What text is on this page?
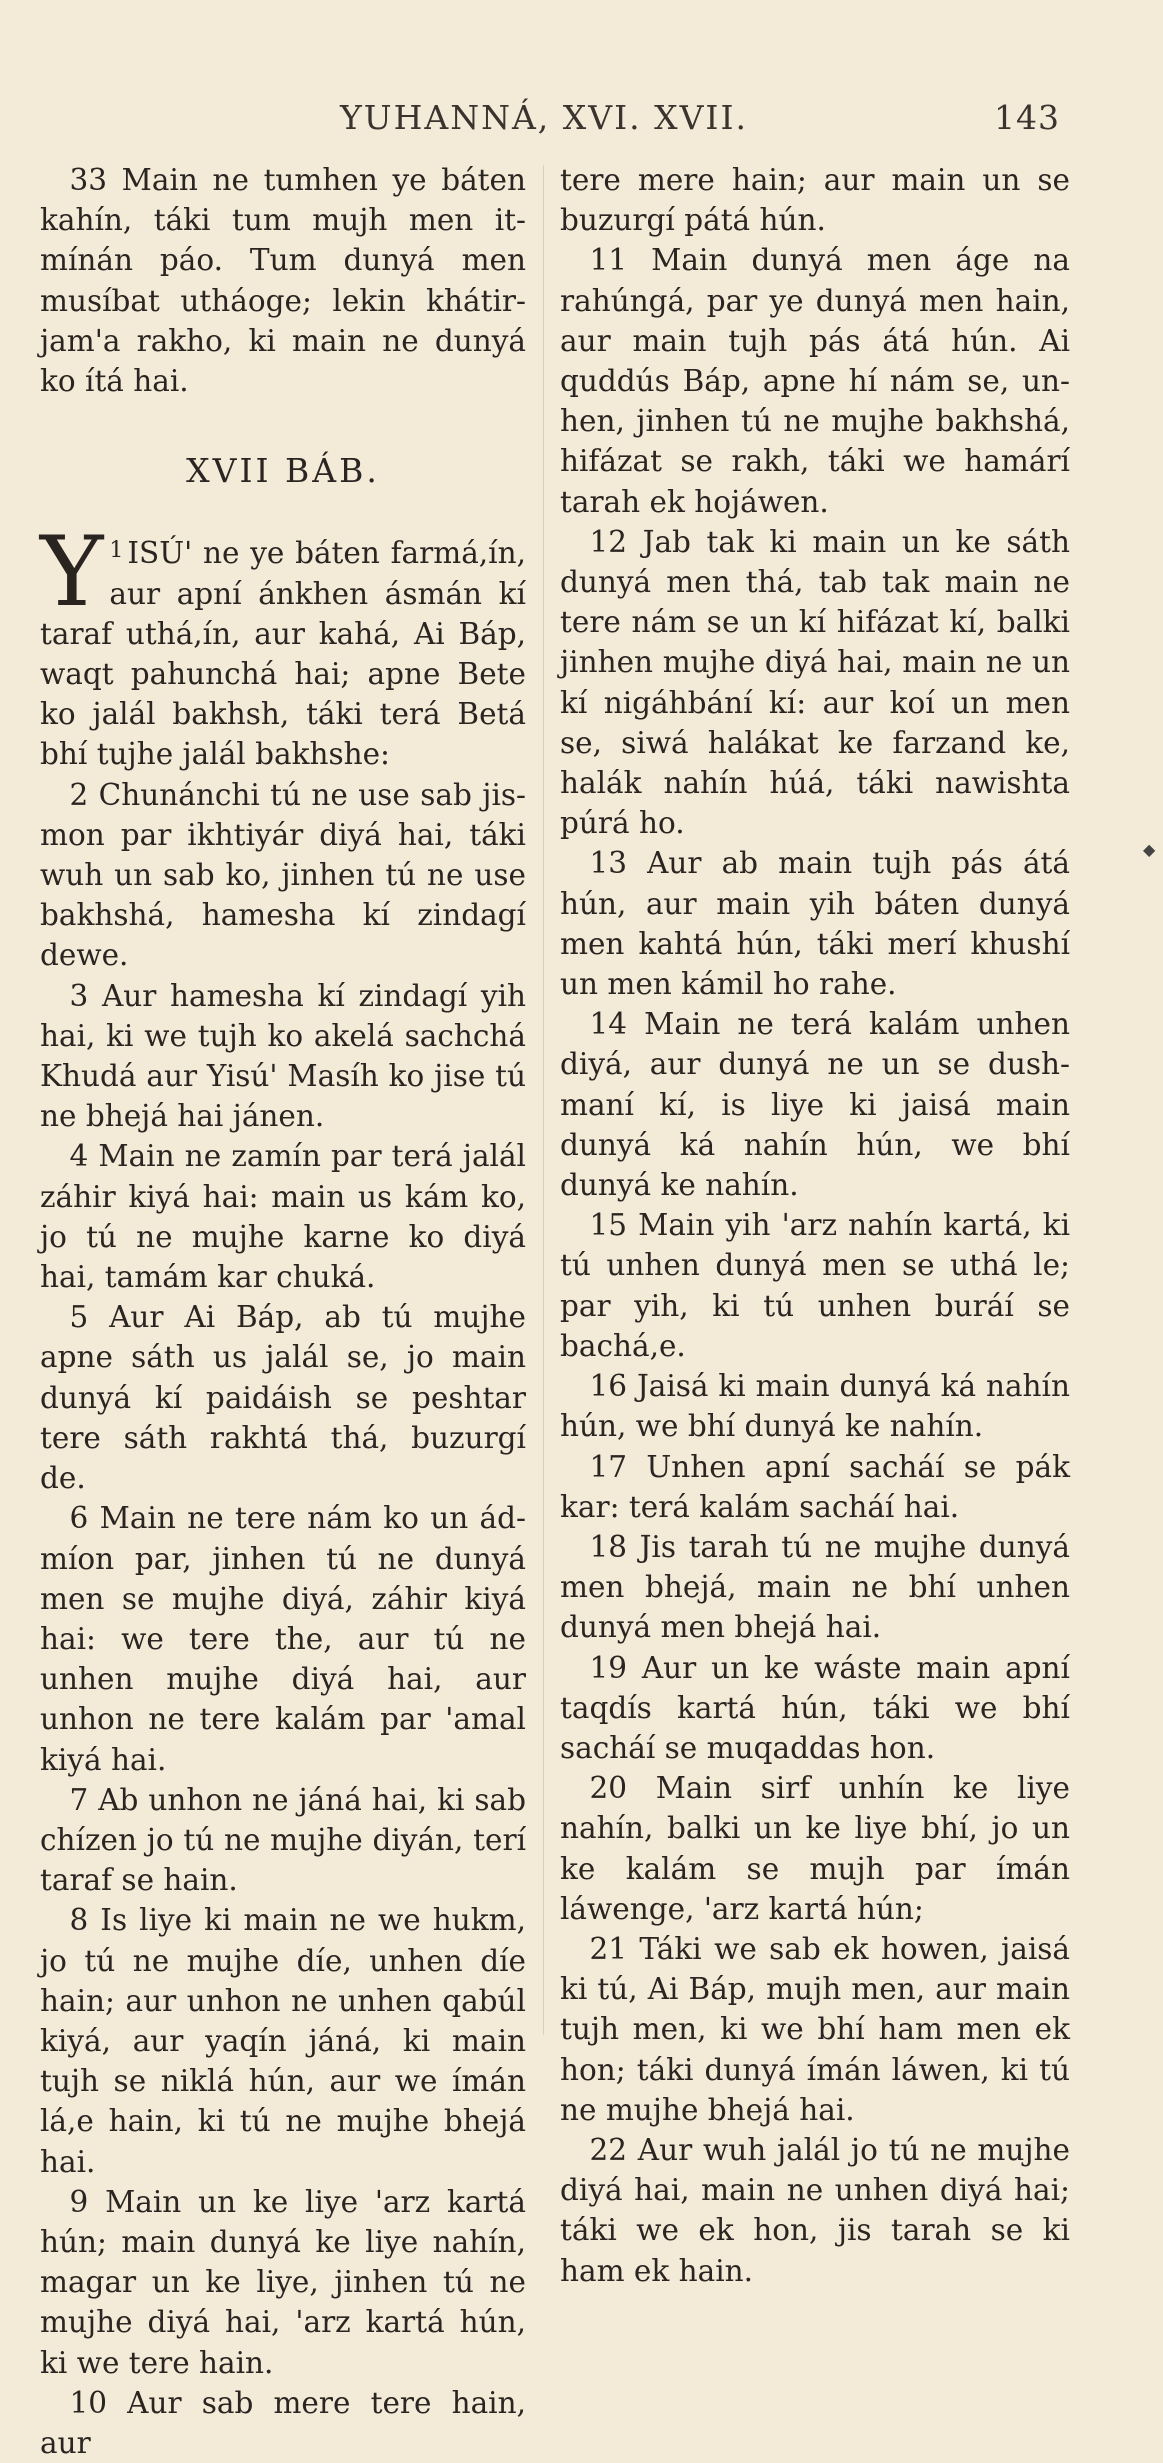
YUHANNÁ, XVI. XVII.	143

33 Main ne tumhen ye báten kahín, táki tum mujh men it-mínán páo. Tum dunyá men musíbat utháoge; lekin khátir-jam'a rakho, ki main ne dunyá ko ítá hai.

XVII BÁB.

$^1$
Y ISÚ' ne ye báten farmá,ín, aur apní ánkhen ásmán kí taraf uthá,ín, aur kahá, Ai Báp, waqt pahunchá hai; apne Bete ko jalál bakhsh, táki terá Betá bhí tujhe jalál bakhshe:

2 Chunánchi tú ne use sab jis-mon par ikhtiyár diyá hai, táki wuh un sab ko, jinhen tú ne use bakhshá, hamesha kí zindagí dewe.

3 Aur hamesha kí zindagí yih hai, ki we tujh ko akelá sachchá Khudá aur Yisú' Masíh ko jise tú ne bhejá hai jánen.

4 Main ne zamín par terá jalál záhir kiyá hai: main us kám ko, jo tú ne mujhe karne ko diyá hai, tamám kar chuká.

5 Aur Ai Báp, ab tú mujhe apne sáth us jalál se, jo main dunyá kí paidáish se peshtar tere sáth rakhtá thá, buzurgí de.

6 Main ne tere nám ko un ád-míon par, jinhen tú ne dunyá men se mujhe diyá, záhir kiyá hai: we tere the, aur tú ne unhen mujhe diyá hai, aur unhon ne tere kalám par 'amal kiyá hai.

7 Ab unhon ne jáná hai, ki sab chízen jo tú ne mujhe diyán, terí taraf se hain.

8 Is liye ki main ne we hukm, jo tú ne mujhe díe, unhen díe hain; aur unhon ne unhen qabúl kiyá, aur yaqín jáná, ki main tujh se niklá hún, aur we ímán lá,e hain, ki tú ne mujhe bhejá hai.

9 Main un ke liye 'arz kartá hún; main dunyá ke liye nahín, magar un ke liye, jinhen tú ne mujhe diyá hai, 'arz kartá hún, ki we tere hain.

10 Aur sab mere tere hain, aur

tere mere hain; aur main un se buzurgí pátá hún.

11 Main dunyá men áge na rahúngá, par ye dunyá men hain, aur main tujh pás átá hún. Ai quddús Báp, apne hí nám se, un-hen, jinhen tú ne mujhe bakhshá, hifázat se rakh, táki we hamárí tarah ek hojáwen.

12 Jab tak ki main un ke sáth dunyá men thá, tab tak main ne tere nám se un kí hifázat kí, balki jinhen mujhe diyá hai, main ne un kí nigáhbání kí: aur koí un men se, siwá halákat ke farzand ke, halák nahín húá, táki nawishta púrá ho.

13 Aur ab main tujh pás átá hún, aur main yih báten dunyá men kahtá hún, táki merí khushí un men kámil ho rahe.

14 Main ne terá kalám unhen diyá, aur dunyá ne un se dush-maní kí, is liye ki jaisá main dunyá ká nahín hún, we bhí dunyá ke nahín.

15 Main yih 'arz nahín kartá, ki tú unhen dunyá men se uthá le; par yih, ki tú unhen buráí se bachá,e.

16 Jaisá ki main dunyá ká nahín hún, we bhí dunyá ke nahín.

17 Unhen apní sacháí se pák kar: terá kalám sacháí hai.

18 Jis tarah tú ne mujhe dunyá men bhejá, main ne bhí unhen dunyá men bhejá hai.

19 Aur un ke wáste main apní taqdís kartá hún, táki we bhí sacháí se muqaddas hon.

20 Main sirf unhín ke liye nahín, balki un ke liye bhí, jo un ke kalám se mujh par ímán láwenge, 'arz kartá hún;

21 Táki we sab ek howen, jaisá ki tú, Ai Báp, mujh men, aur main tujh men, ki we bhí ham men ek hon; táki dunyá ímán láwen, ki tú ne mujhe bhejá hai.

22 Aur wuh jalál jo tú ne mujhe diyá hai, main ne unhen diyá hai; táki we ek hon, jis tarah se ki ham ek hain.

◆
